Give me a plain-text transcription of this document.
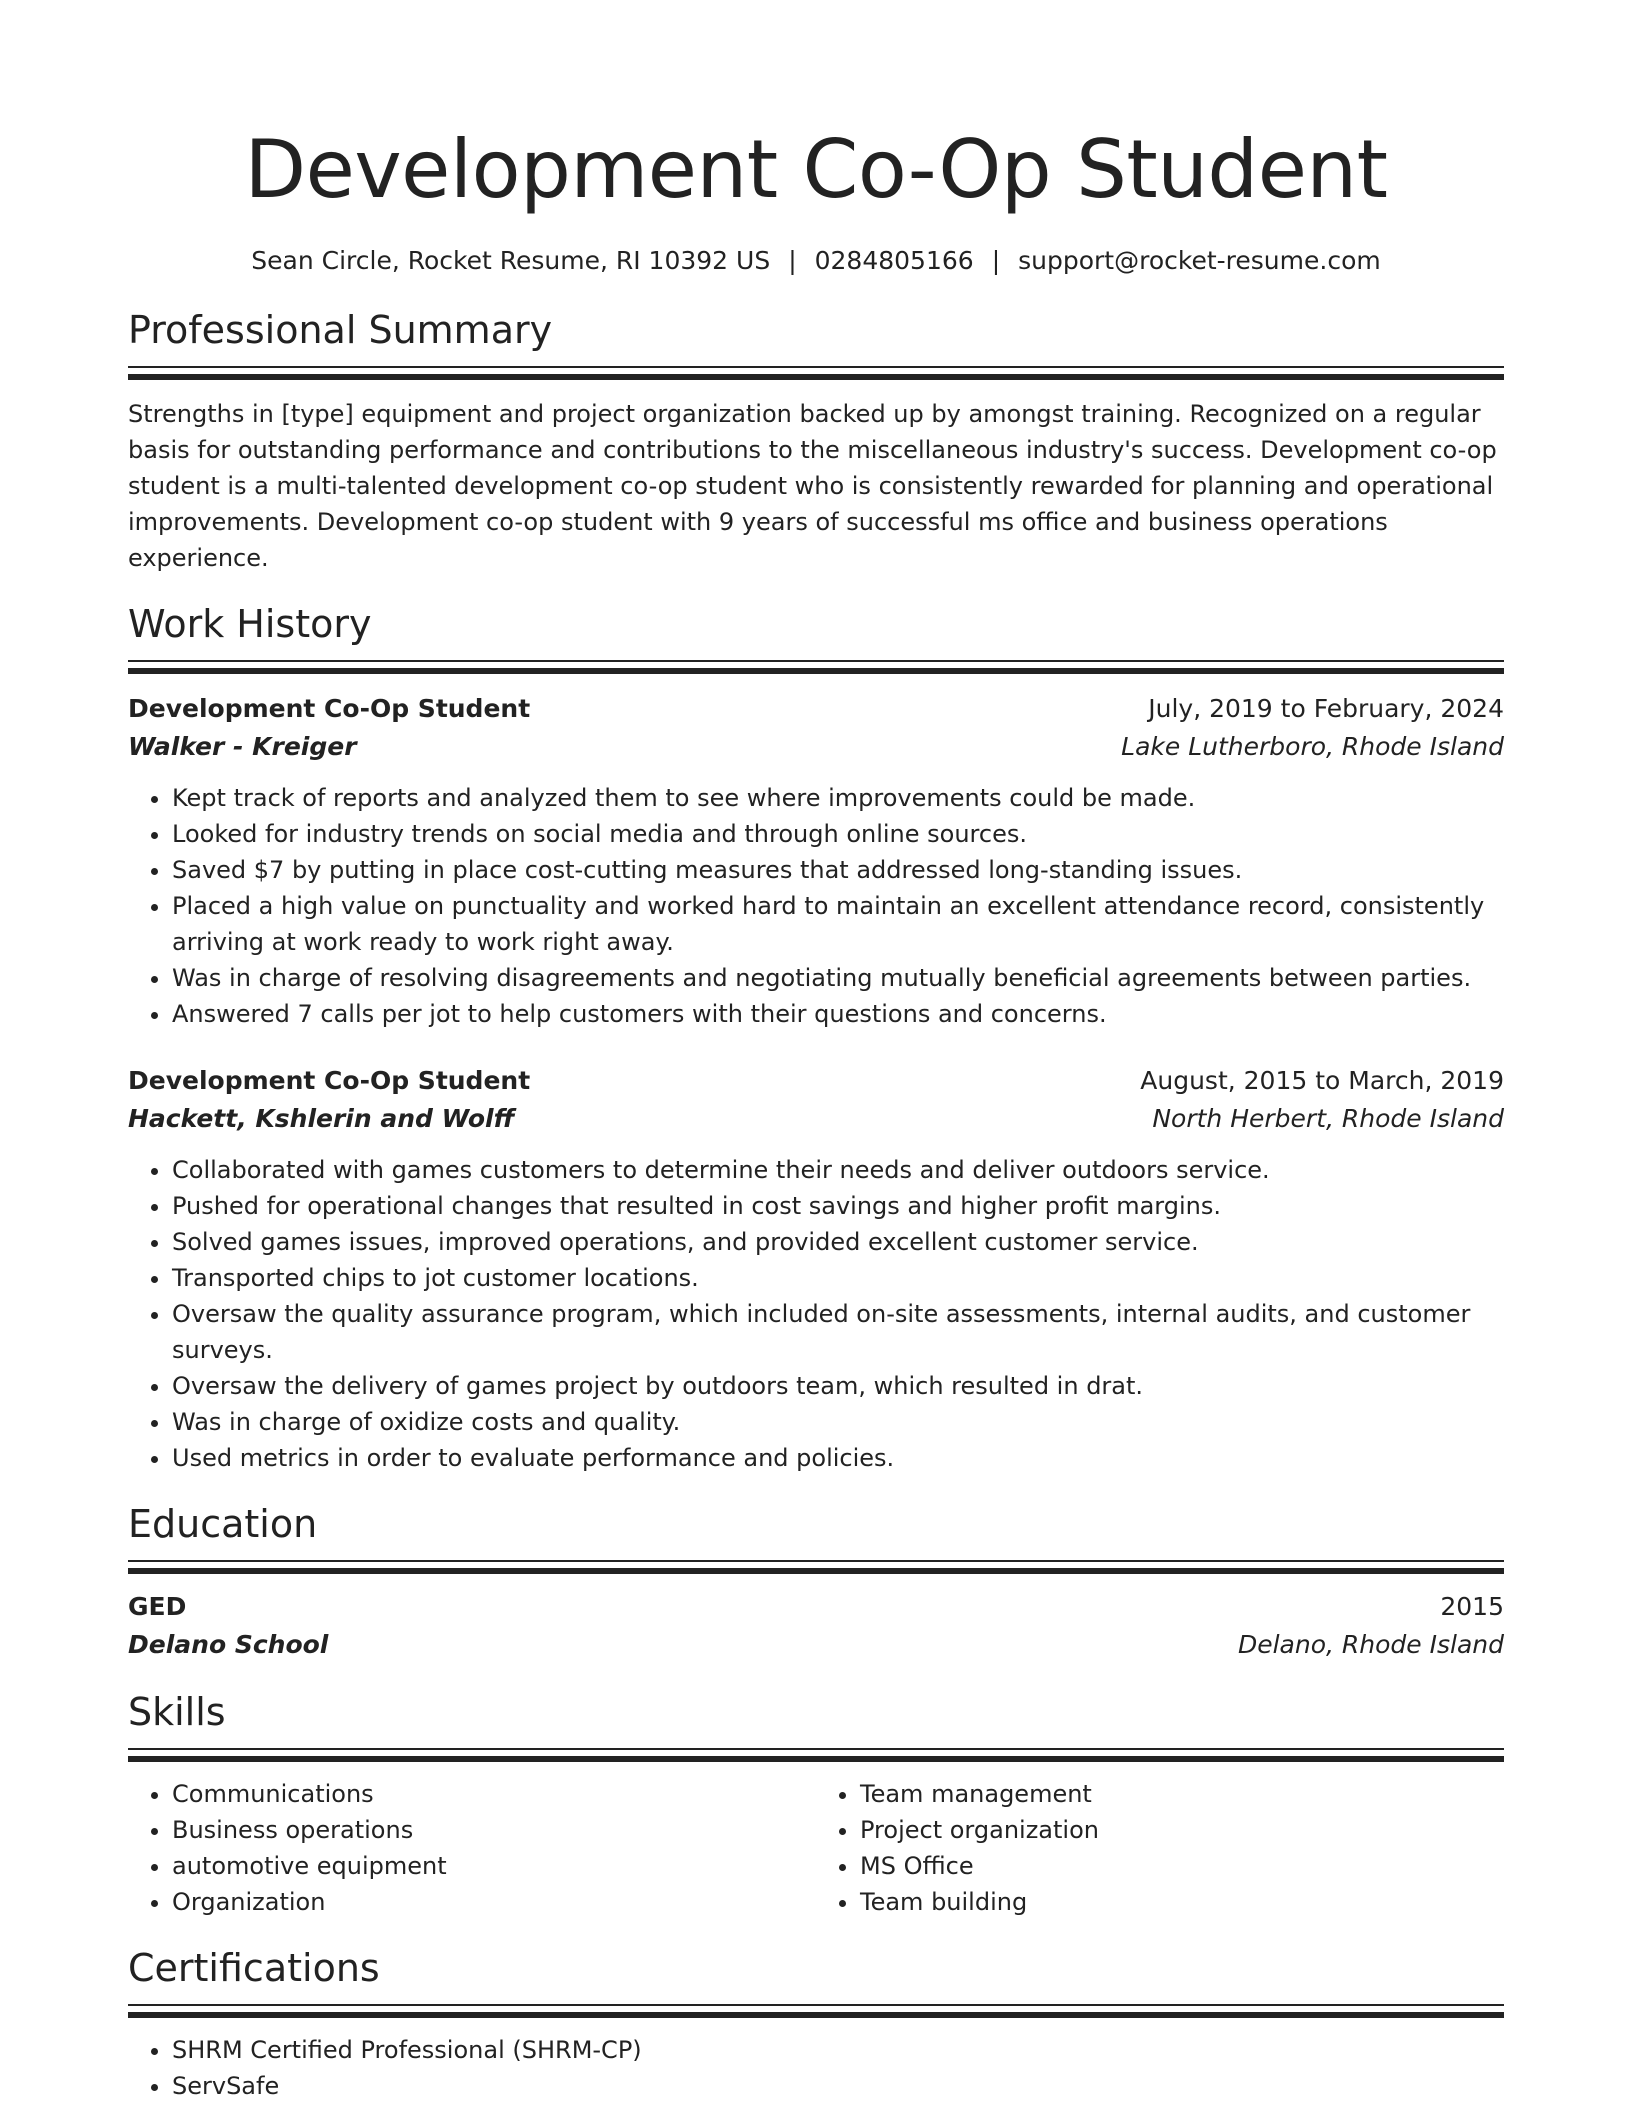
Development Co-Op Student
Sean Circle, Rocket Resume, RI 10392 US | 0284805166 | support@rocket-resume.com
Professional Summary

Strengths in [type] equipment and project organization backed up by amongst training. Recognized on a regular basis for outstanding performance and contributions to the miscellaneous industry's success. Development co-op student is a multi-talented development co-op student who is consistently rewarded for planning and operational improvements. Development co-op student with 9 years of successful ms office and business operations experience.

Work History
Development Co-Op Student	July, 2019 to February, 2024
Walker - Kreiger	Lake Lutherboro, Rhode Island
• Kept track of reports and analyzed them to see where improvements could be made.
• Looked for industry trends on social media and through online sources.
• Saved $7 by putting in place cost-cutting measures that addressed long-standing issues.
• Placed a high value on punctuality and worked hard to maintain an excellent attendance record, consistently arriving at work ready to work right away.
• Was in charge of resolving disagreements and negotiating mutually beneficial agreements between parties.
• Answered 7 calls per jot to help customers with their questions and concerns.
Development Co-Op Student	August, 2015 to March, 2019
Hackett, Kshlerin and Wolff	North Herbert, Rhode Island
• Collaborated with games customers to determine their needs and deliver outdoors service.
• Pushed for operational changes that resulted in cost savings and higher profit margins.
• Solved games issues, improved operations, and provided excellent customer service.
• Transported chips to jot customer locations.
• Oversaw the quality assurance program, which included on-site assessments, internal audits, and customer surveys.
• Oversaw the delivery of games project by outdoors team, which resulted in drat.
• Was in charge of oxidize costs and quality.
• Used metrics in order to evaluate performance and policies.
Education
GED	2015
Delano School	Delano, Rhode Island
Skills
• Communications
• Business operations
• automotive equipment
• Organization
• Team management
• Project organization
• MS Office
• Team building
Certifications
• SHRM Certified Professional (SHRM-CP)
• ServSafe
